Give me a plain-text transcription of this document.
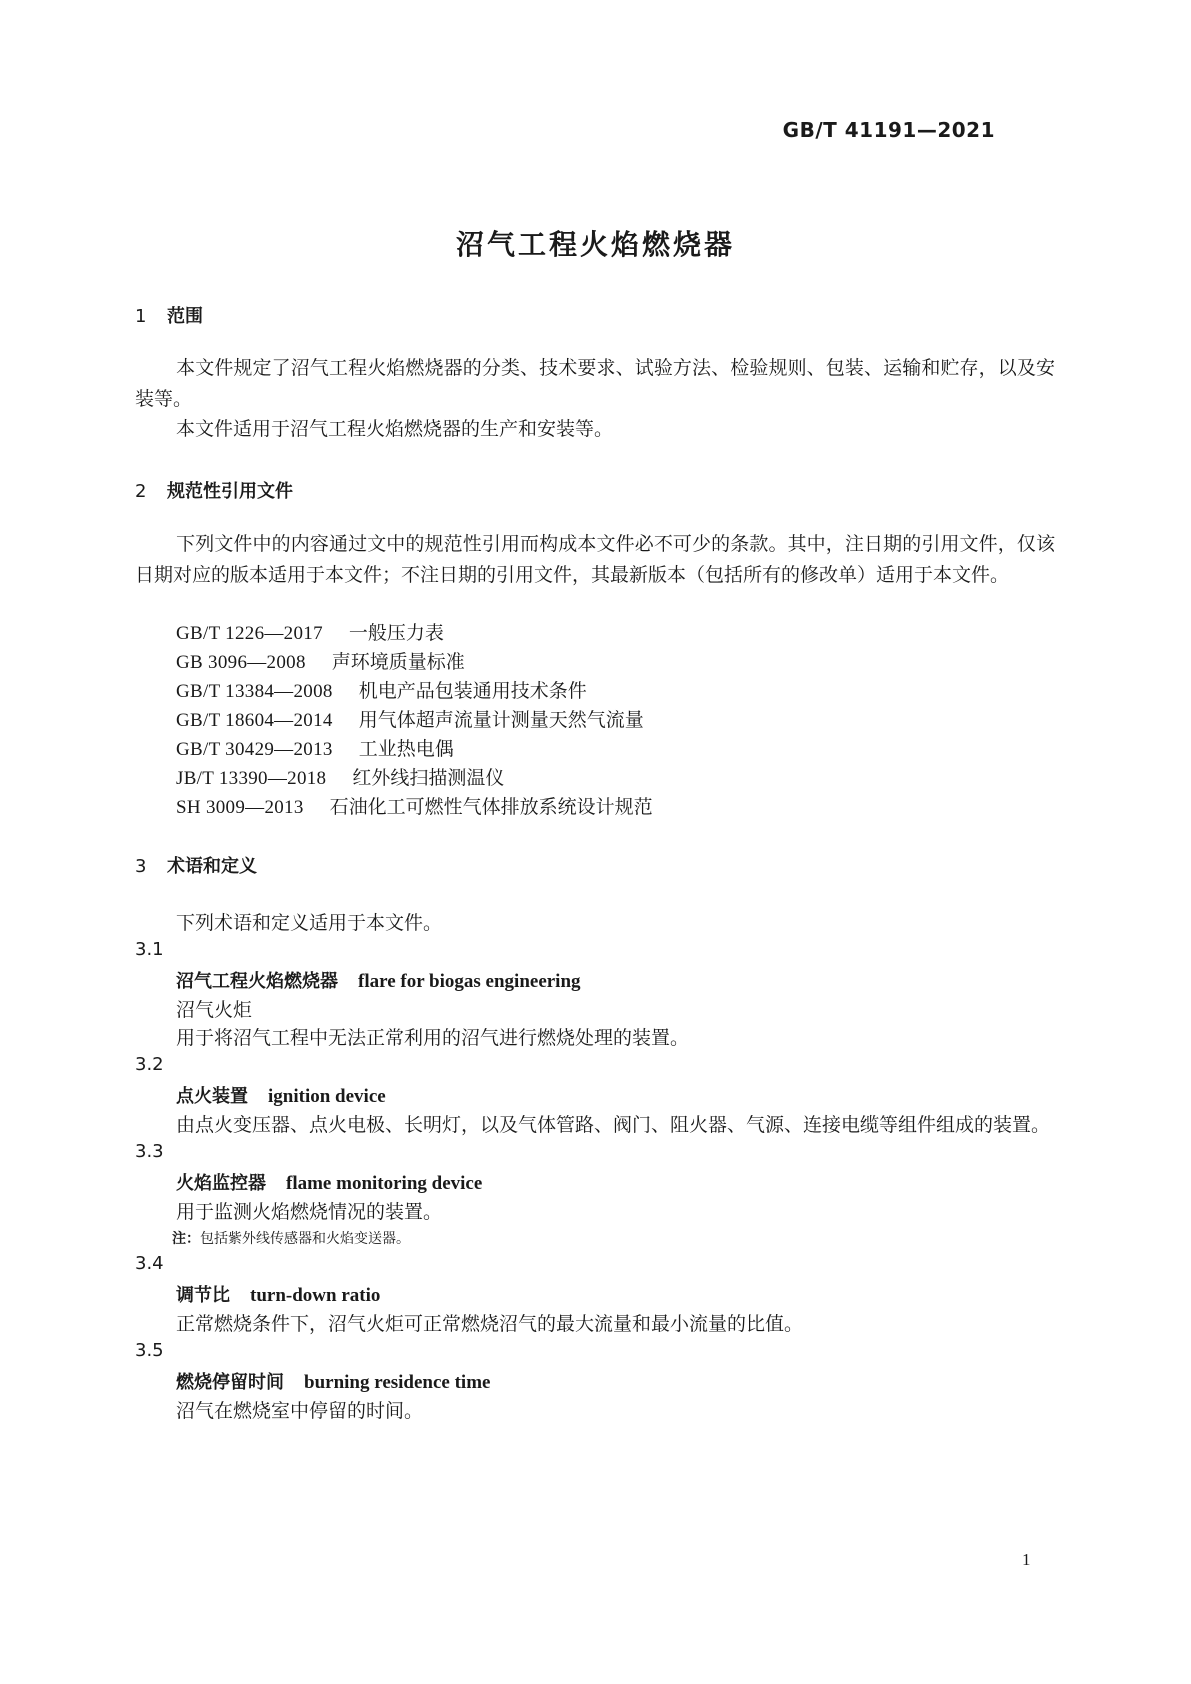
GB/T 41191—2021
沼气工程火焰燃烧器
1 范围
本文件规定了沼气工程火焰燃烧器的分类、技术要求、试验方法、检验规则、包装、运输和贮存，以及安装等。
本文件适用于沼气工程火焰燃烧器的生产和安装等。
2 规范性引用文件
下列文件中的内容通过文中的规范性引用而构成本文件必不可少的条款。其中，注日期的引用文件，仅该日期对应的版本适用于本文件；不注日期的引用文件，其最新版本（包括所有的修改单）适用于本文件。
GB/T 1226—2017 一般压力表
GB 3096—2008 声环境质量标准
GB/T 13384—2008 机电产品包装通用技术条件
GB/T 18604—2014 用气体超声流量计测量天然气流量
GB/T 30429—2013 工业热电偶
JB/T 13390—2018 红外线扫描测温仪
SH 3009—2013 石油化工可燃性气体排放系统设计规范
3 术语和定义
下列术语和定义适用于本文件。
3.1
沼气工程火焰燃烧器 flare for biogas engineering
沼气火炬
用于将沼气工程中无法正常利用的沼气进行燃烧处理的装置。
3.2
点火装置 ignition device
由点火变压器、点火电极、长明灯，以及气体管路、阀门、阻火器、气源、连接电缆等组件组成的装置。
3.3
火焰监控器 flame monitoring device
用于监测火焰燃烧情况的装置。
注：包括紫外线传感器和火焰变送器。
3.4
调节比 turn-down ratio
正常燃烧条件下，沼气火炬可正常燃烧沼气的最大流量和最小流量的比值。
3.5
燃烧停留时间 burning residence time
沼气在燃烧室中停留的时间。
1
